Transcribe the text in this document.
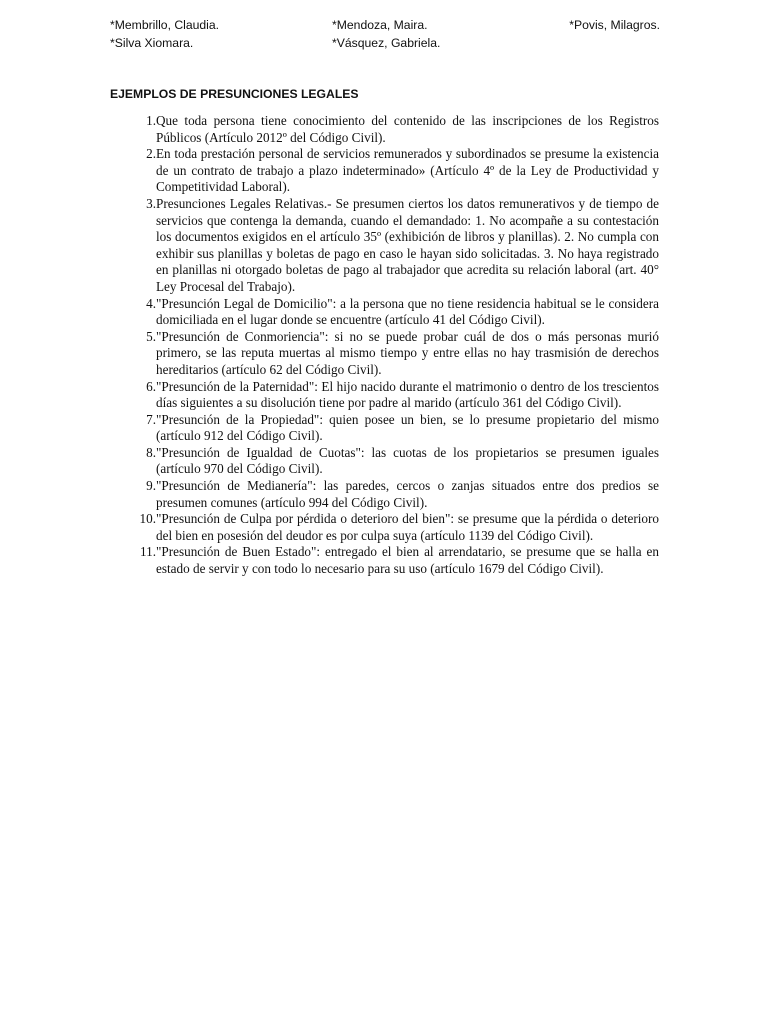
*Membrillo, Claudia.	*Mendoza, Maira.	*Povis, Milagros.
*Silva Xiomara.	*Vásquez, Gabriela.
EJEMPLOS DE PRESUNCIONES LEGALES
1. Que toda persona tiene conocimiento del contenido de las inscripciones de los Registros Públicos (Artículo 2012º del Código Civil).
2. En toda prestación personal de servicios remunerados y subordinados se presume la existencia de un contrato de trabajo a plazo indeterminado» (Artículo 4º de la Ley de Productividad y Competitividad Laboral).
3. Presunciones Legales Relativas.- Se presumen ciertos los datos remunerativos y de tiempo de servicios que contenga la demanda, cuando el demandado: 1. No acompañe a su contestación los documentos exigidos en el artículo 35º (exhibición de libros y planillas). 2. No cumpla con exhibir sus planillas y boletas de pago en caso le hayan sido solicitadas. 3. No haya registrado en planillas ni otorgado boletas de pago al trabajador que acredita su relación laboral (art. 40° Ley Procesal del Trabajo).
4. "Presunción Legal de Domicilio": a la persona que no tiene residencia habitual se le considera domiciliada en el lugar donde se encuentre (artículo 41 del Código Civil).
5. "Presunción de Conmoriencia": si no se puede probar cuál de dos o más personas murió primero, se las reputa muertas al mismo tiempo y entre ellas no hay trasmisión de derechos hereditarios (artículo 62 del Código Civil).
6. "Presunción de la Paternidad": El hijo nacido durante el matrimonio o dentro de los trescientos días siguientes a su disolución tiene por padre al marido (artículo 361 del Código Civil).
7. "Presunción de la Propiedad": quien posee un bien, se lo presume propietario del mismo (artículo 912 del Código Civil).
8. "Presunción de Igualdad de Cuotas": las cuotas de los propietarios se presumen iguales (artículo 970 del Código Civil).
9. "Presunción de Medianería": las paredes, cercos o zanjas situados entre dos predios se presumen comunes (artículo 994 del Código Civil).
10. "Presunción de Culpa por pérdida o deterioro del bien": se presume que la pérdida o deterioro del bien en posesión del deudor es por culpa suya (artículo 1139 del Código Civil).
11. "Presunción de Buen Estado": entregado el bien al arrendatario, se presume que se halla en estado de servir y con todo lo necesario para su uso (artículo 1679 del Código Civil).
